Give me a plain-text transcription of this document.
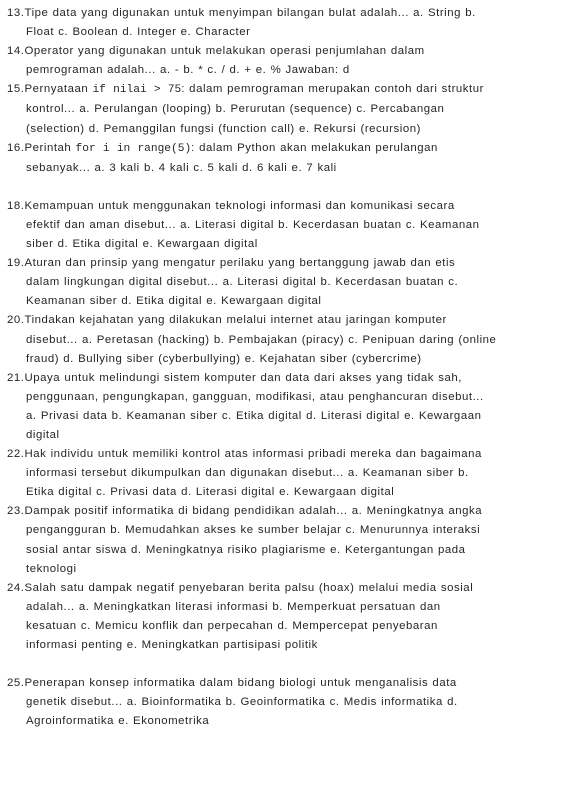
13.Tipe data yang digunakan untuk menyimpan bilangan bulat adalah... a. String b.
Float c. Boolean d. Integer e. Character
14.Operator yang digunakan untuk melakukan operasi penjumlahan dalam
pemrograman adalah... a. - b. * c. / d. + e. % Jawaban: d
15.Pernyataan if nilai > 75: dalam pemrograman merupakan contoh dari struktur
kontrol... a. Perulangan (looping) b. Perurutan (sequence) c. Percabangan
(selection) d. Pemanggilan fungsi (function call) e. Rekursi (recursion)
16.Perintah for i in range(5): dalam Python akan melakukan perulangan
sebanyak... a. 3 kali b. 4 kali c. 5 kali d. 6 kali e. 7 kali
18.Kemampuan untuk menggunakan teknologi informasi dan komunikasi secara
efektif dan aman disebut... a. Literasi digital b. Kecerdasan buatan c. Keamanan
siber d. Etika digital e. Kewargaan digital
19.Aturan dan prinsip yang mengatur perilaku yang bertanggung jawab dan etis
dalam lingkungan digital disebut... a. Literasi digital b. Kecerdasan buatan c.
Keamanan siber d. Etika digital e. Kewargaan digital
20.Tindakan kejahatan yang dilakukan melalui internet atau jaringan komputer
disebut... a. Peretasan (hacking) b. Pembajakan (piracy) c. Penipuan daring (online
fraud) d. Bullying siber (cyberbullying) e. Kejahatan siber (cybercrime)
21.Upaya untuk melindungi sistem komputer dan data dari akses yang tidak sah,
penggunaan, pengungkapan, gangguan, modifikasi, atau penghancuran disebut...
a. Privasi data b. Keamanan siber c. Etika digital d. Literasi digital e. Kewargaan
digital
22.Hak individu untuk memiliki kontrol atas informasi pribadi mereka dan bagaimana
informasi tersebut dikumpulkan dan digunakan disebut... a. Keamanan siber b.
Etika digital c. Privasi data d. Literasi digital e. Kewargaan digital
23.Dampak positif informatika di bidang pendidikan adalah... a. Meningkatnya angka
pengangguran b. Memudahkan akses ke sumber belajar c. Menurunnya interaksi
sosial antar siswa d. Meningkatnya risiko plagiarisme e. Ketergantungan pada
teknologi
24.Salah satu dampak negatif penyebaran berita palsu (hoax) melalui media sosial
adalah... a. Meningkatkan literasi informasi b. Memperkuat persatuan dan
kesatuan c. Memicu konflik dan perpecahan d. Mempercepat penyebaran
informasi penting e. Meningkatkan partisipasi politik
25.Penerapan konsep informatika dalam bidang biologi untuk menganalisis data
genetik disebut... a. Bioinformatika b. Geoinformatika c. Medis informatika d.
Agroinformatika e. Ekonometrika
